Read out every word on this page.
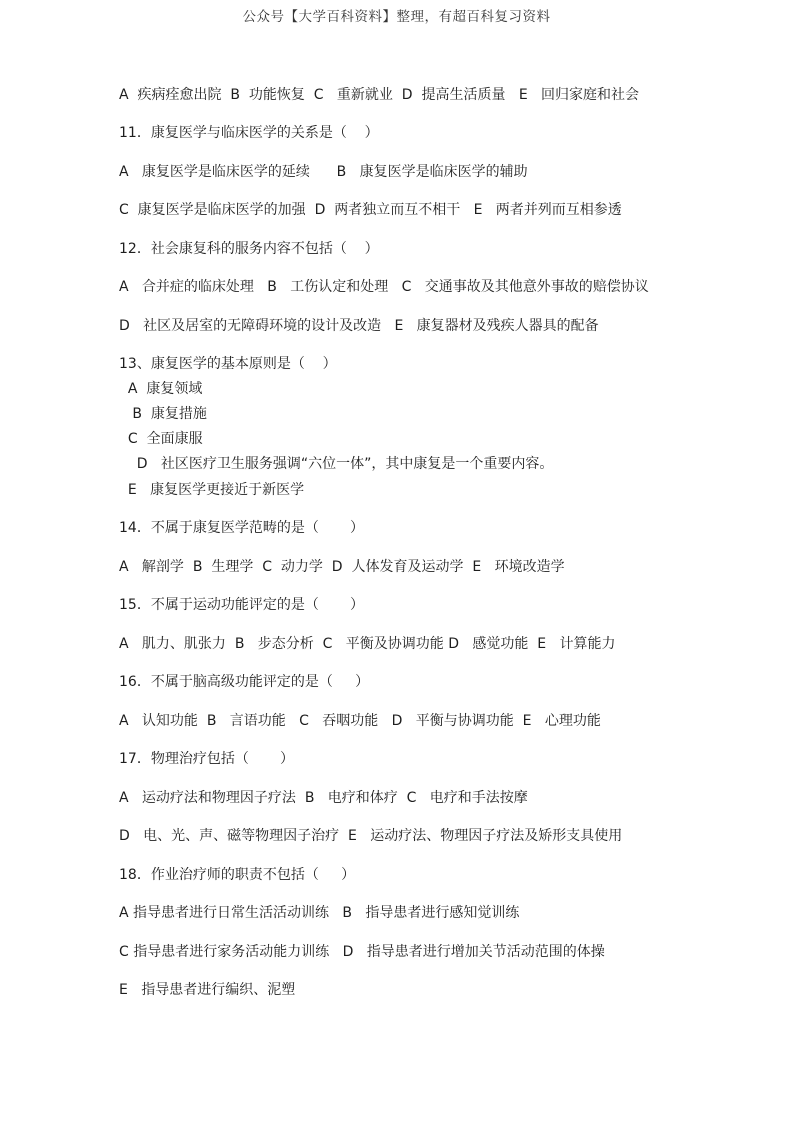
公众号【大学百科资料】整理，有超百科复习资料
A  疾病痊愈出院  B  功能恢复  C   重新就业  D  提高生活质量   E   回归家庭和社会
11．康复医学与临床医学的关系是（    ）
A   康复医学是临床医学的延续      B   康复医学是临床医学的辅助
C  康复医学是临床医学的加强  D  两者独立而互不相干   E   两者并列而互相参透
12．社会康复科的服务内容不包括（    ）
A   合并症的临床处理   B   工伤认定和处理   C   交通事故及其他意外事故的赔偿协议
D   社区及居室的无障碍环境的设计及改造   E   康复器材及残疾人器具的配备
13、康复医学的基本原则是（    ）
A  康复领域
B  康复措施
C  全面康服
D   社区医疗卫生服务强调“六位一体”，其中康复是一个重要内容。
E   康复医学更接近于新医学
14．不属于康复医学范畴的是（       ）
A   解剖学  B  生理学  C  动力学  D  人体发育及运动学  E   环境改造学
15．不属于运动功能评定的是（       ）
A   肌力、肌张力  B   步态分析  C   平衡及协调功能 D   感觉功能  E   计算能力
16．不属于脑高级功能评定的是（     ）
A   认知功能  B   言语功能   C   吞咽功能   D   平衡与协调功能  E   心理功能
17．物理治疗包括（       ）
A   运动疗法和物理因子疗法  B   电疗和体疗  C   电疗和手法按摩
D   电、光、声、磁等物理因子治疗  E   运动疗法、物理因子疗法及矫形支具使用
18．作业治疗师的职责不包括（     ）
A 指导患者进行日常生活活动训练   B   指导患者进行感知觉训练
C 指导患者进行家务活动能力训练   D   指导患者进行增加关节活动范围的体操
E   指导患者进行编织、泥塑
